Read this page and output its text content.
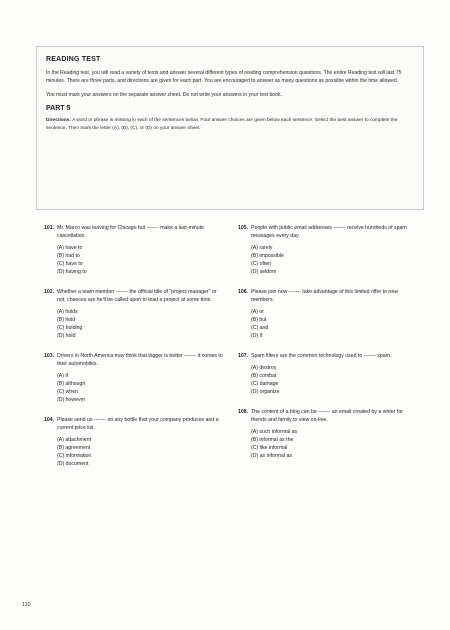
READING TEST

In the Reading test, you will read a variety of texts and answer several different types of reading comprehension questions. The entire Reading test will last 75 minutes. There are three parts, and directions are given for each part. You are encouraged to answer as many questions as possible within the time allowed.

You must mark your answers on the separate answer sheet. Do not write your answers in your test book.

PART 5

Directions: A word or phrase is missing in each of the sentences below. Four answer choices are given below each sentence. Select the best answer to complete the sentence. Then mark the letter (A), (B), (C), or (D) on your answer sheet.

101. Mr. Marco was leaving for Chicago but ------- make a last-minute cancellation.
(A) have to
(B) had to
(C) have to
(D) having to
102. Whether a team member ------- the official title of "project manager" or not, chances are he'll be called upon to lead a project at some time.
(A) holds
(B) hold
(C) holding
(D) hold
103. Drivers in North America may think that bigger is better ------- it comes to their automobiles.
(A) if
(B) although
(C) when
(D) however
104. Please send us ------- on any bottle that your company produces and a current price list.
(A) attachment
(B) agreement
(C) information
(D) document
105. People with public email addresses ------- receive hundreds of spam messages every day.
(A) rarely
(B) impossible
(C) often
(D) seldom
106. Please join now ------- take advantage of this limited offer to new members.
(A) or
(B) but
(C) and
(D) if
107. Spam filters are the common technology used to ------- spam.
(A) destroy
(B) combat
(C) damage
(D) organize
108. The content of a blog can be ------- an email created by a writer for friends and family to view on-line.
(A) such informal as
(B) informal as the
(C) like informal
(D) as informal as
110
